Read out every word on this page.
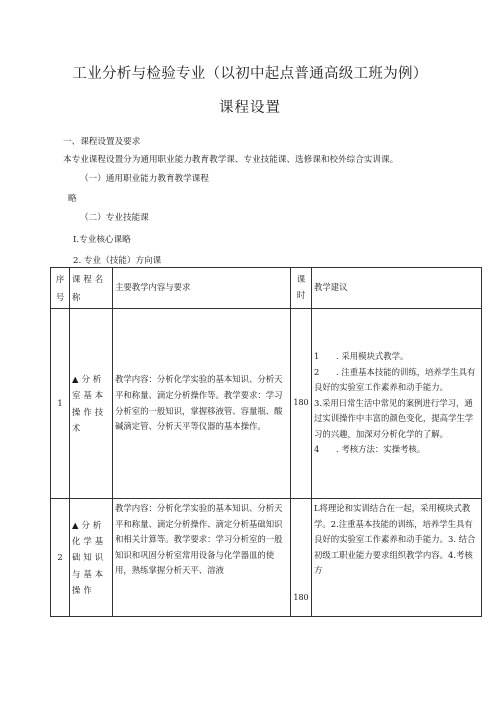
工业分析与检验专业（以初中起点普通高级工班为例）
课程设置
一、课程设置及要求
本专业课程设置分为通用职业能力教育教学课、专业技能课、选修课和校外综合实训课。
（一）通用职业能力教育教学课程
略
（二）专业技能课
I.专业核心课略
2. 专业（技能）方向课
序号	课程名称	主要教学内容与要求	课时	教学建议
1	▲分析室基本操作技术	教学内容：分析化学实验的基本知识、分析天平和称量、滴定分析操作等。教学要求：学习分析室的一般知识，掌握移液管、容量瓶、酸碱滴定管、分析天平等仪器的基本操作。	180	1 . 采用模块式教学。
2 . 注重基本技能的训练，培养学生具有良好的实验室工作素养和动手能力。
3.采用日常生活中常见的案例进行学习，通过实训操作中丰富的颜色变化，提高学生学习的兴趣，加深对分析化学的了解。
4 . 考核方法：实操考核。

2	▲分析化学基础知识与基本操作	教学内容：分析化学实验的基本知识、分析天平和称量、滴定分析操作、滴定分析基础知识和相关计算等。教学要求：学习分析室的一般知识和巩固分析室常用设备与化学器皿的使用，熟练掌握分析天平、溶液	180	L将理论和实训结合在一起，采用模块式教学。2.注重基本技能的训练，培养学生具有良好的实验室工作素养和动手能力。3. 结合初级工职业能力要求组织教学内容。4.考核方
